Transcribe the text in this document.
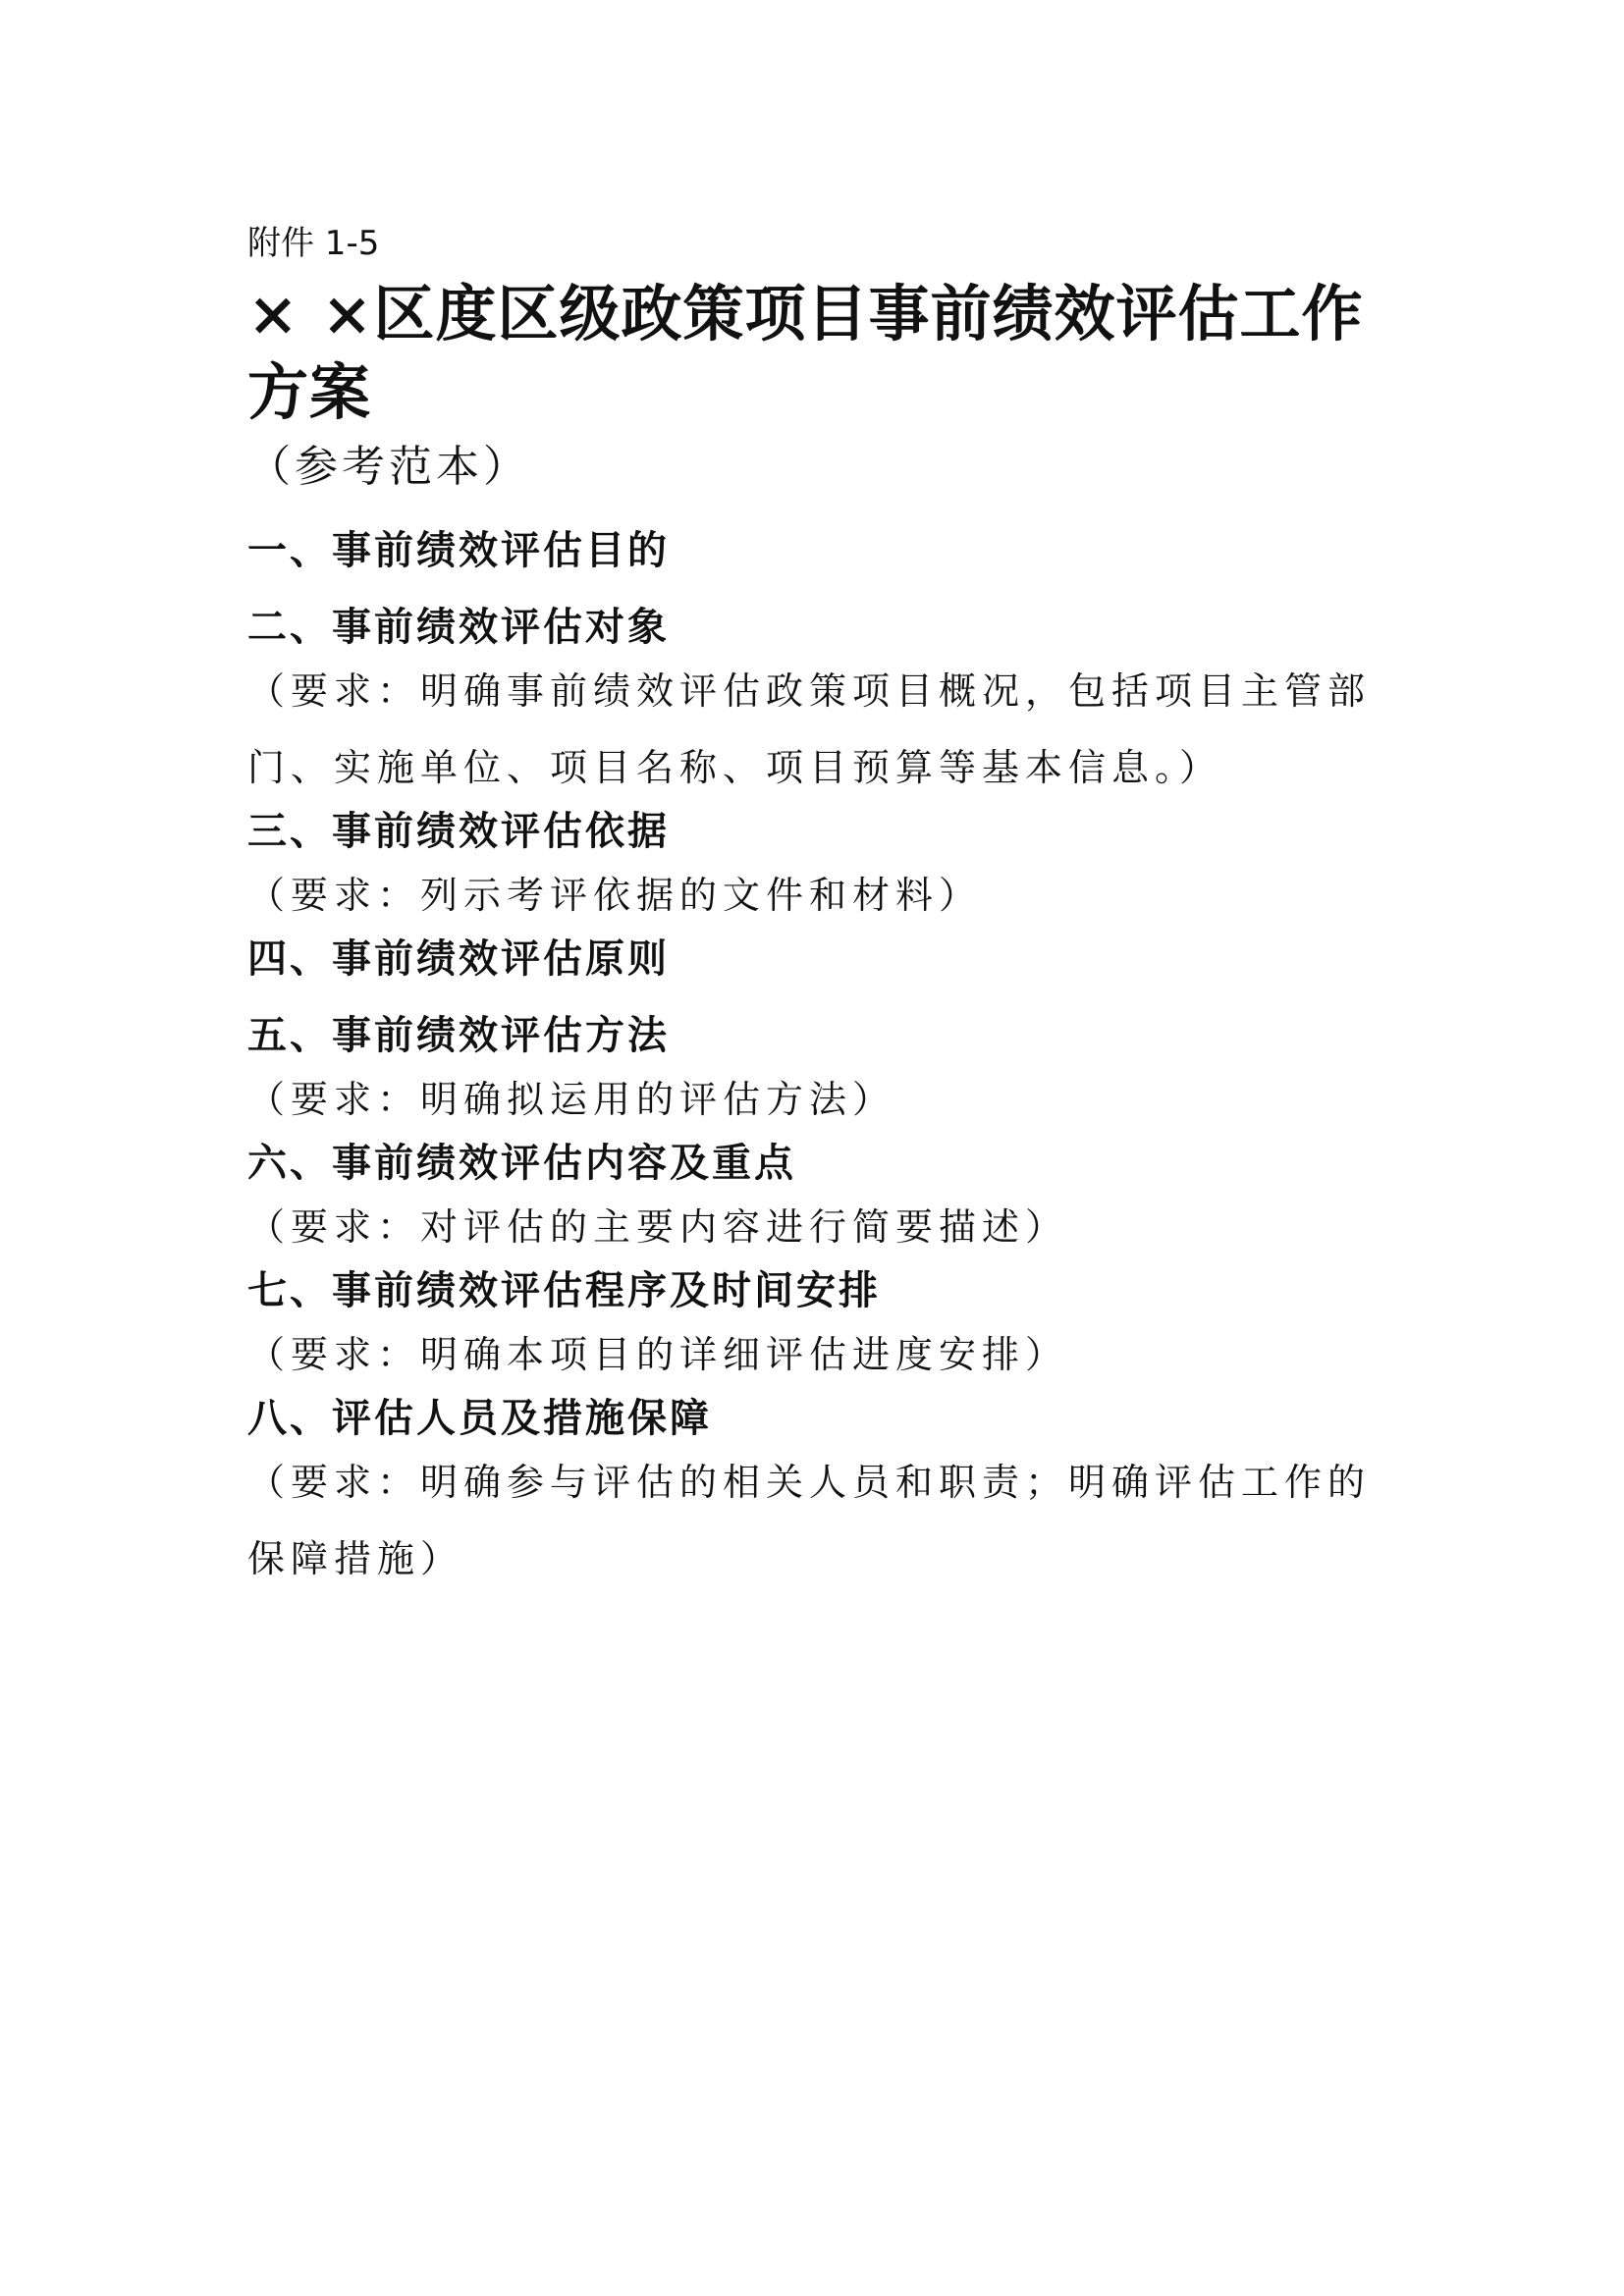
附件 1-5
× ×区度区级政策项目事前绩效评估工作方案
（参考范本）
一、事前绩效评估目的
二、事前绩效评估对象
（要求：明确事前绩效评估政策项目概况，包括项目主管部门、实施单位、项目名称、项目预算等基本信息。）
三、事前绩效评估依据
（要求：列示考评依据的文件和材料）
四、事前绩效评估原则
五、事前绩效评估方法
（要求：明确拟运用的评估方法）
六、事前绩效评估内容及重点
（要求：对评估的主要内容进行简要描述）
七、事前绩效评估程序及时间安排
（要求：明确本项目的详细评估进度安排）
八、评估人员及措施保障
（要求：明确参与评估的相关人员和职责；明确评估工作的保障措施）
